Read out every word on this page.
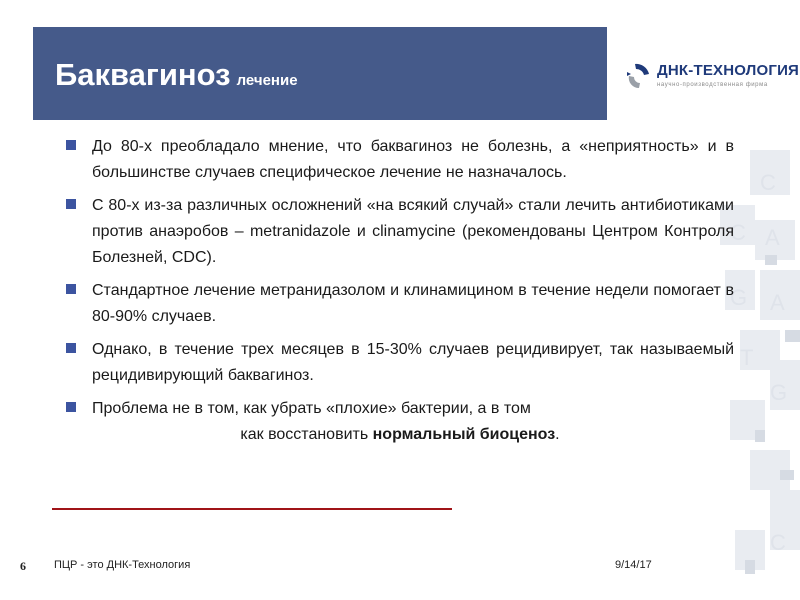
Баквагиноз лечение
ДНК-ТЕХНОЛОГИЯ
научно-производственная фирма
C
C A
G A
T
G
C
До 80-х преобладало мнение, что баквагиноз не болезнь, а «неприятность» и в большинстве случаев специфическое лечение не назначалось.
С 80-х из-за различных осложнений «на всякий случай» стали лечить антибиотиками против анаэробов – metranidazole и clinamycine (рекомендованы Центром Контроля Болезней, CDC).
Стандартное лечение метранидазолом и клинамицином в течение недели помогает в 80-90% случаев.
Однако, в течение трех месяцев в 15-30% случаев рецидивирует, так называемый рецидивирующий баквагиноз.
Проблема не в том, как убрать «плохие» бактерии, а в том
как восстановить нормальный биоценоз.
6	ПЦР - это ДНК-Технология	9/14/17
